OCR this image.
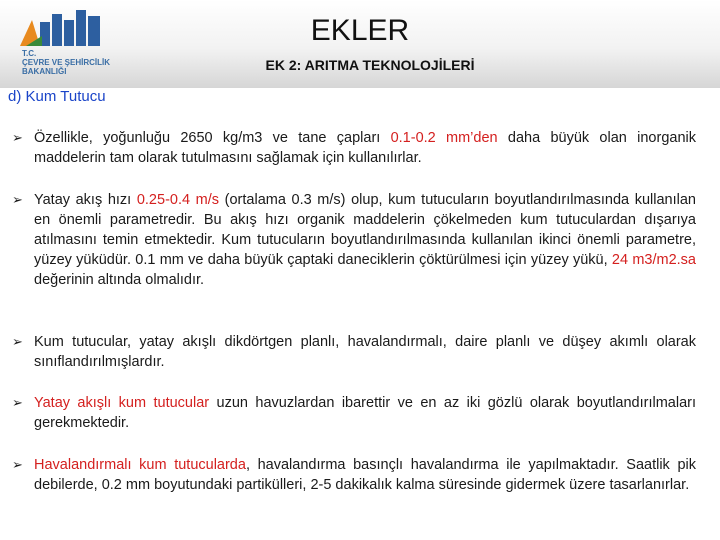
T.C.
ÇEVRE VE ŞEHİRCİLİK
BAKANLIĞI
EKLER
EK 2: ARITMA TEKNOLOJİLERİ
d) Kum Tutucu
➢ Özellikle, yoğunluğu 2650 kg/m3 ve tane çapları 0.1-0.2 mm’den daha büyük olan inorganik maddelerin tam olarak tutulmasını sağlamak için kullanılırlar.

➢ Yatay akış hızı 0.25-0.4 m/s (ortalama 0.3 m/s) olup, kum tutucuların boyutlandırılmasında kullanılan en önemli parametredir. Bu akış hızı organik maddelerin çökelmeden kum tutuculardan dışarıya atılmasını temin etmektedir. Kum tutucuların boyutlandırılmasında kullanılan ikinci önemli parametre, yüzey yüküdür. 0.1 mm ve daha büyük çaptaki daneciklerin çöktürülmesi için yüzey yükü, 24 m3/m2.sa değerinin altında olmalıdır.

➢ Kum tutucular, yatay akışlı dikdörtgen planlı, havalandırmalı, daire planlı ve düşey akımlı olarak sınıflandırılmışlardır.

➢ Yatay akışlı kum tutucular uzun havuzlardan ibarettir ve en az iki gözlü olarak boyutlandırılmaları gerekmektedir.

➢ Havalandırmalı kum tutucularda, havalandırma basınçlı havalandırma ile yapılmaktadır. Saatlik pik debilerde, 0.2 mm boyutundaki partikülleri, 2-5 dakikalık kalma süresinde gidermek üzere tasarlanırlar.
